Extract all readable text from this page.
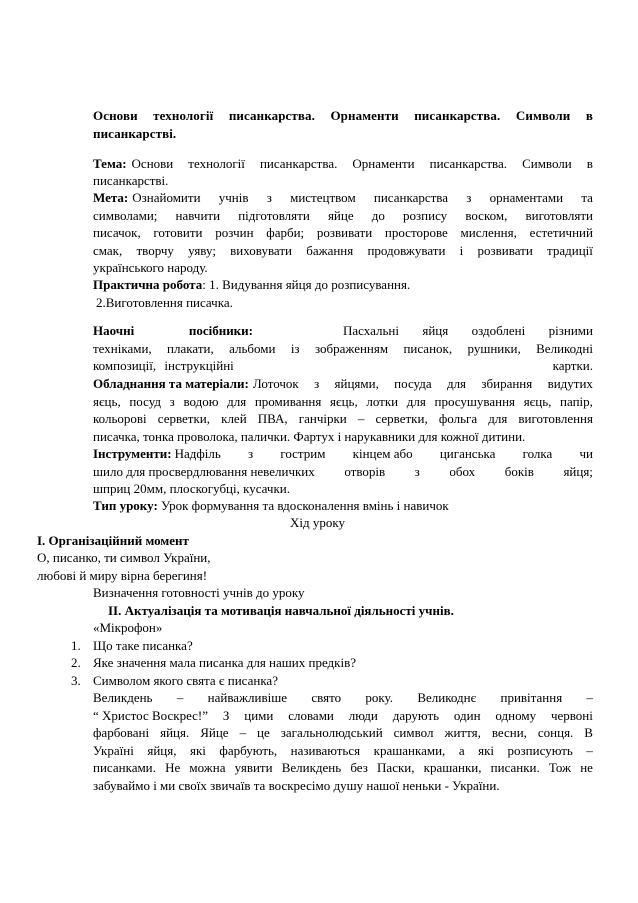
Основи технології писанкарства. Орнаменти писанкарства. Символи в
писанкарстві.
Тема: Основи технології писанкарства. Орнаменти писанкарства. Символи в
писанкарстві.
Мета: Ознайомити учнів з мистецтвом писанкарства з орнаментами та
символами; навчити підготовляти яйце до розпису воском, виготовляти
писачок, готовити розчин фарби; розвивати просторове мислення, естетичний
смак, творчу уяву; виховувати бажання продовжувати і розвивати традиції
українського народу.
Практична робота: 1. Видування яйця до розписування.
2.Виготовлення писачка.
Наочні	посібники:	Пасхальні яйця оздоблені різними
техніками, плакати, альбоми із зображенням писанок, рушники, Великодні
композиції, інструкційні	картки.
Обладнання та матеріали: Лоточок з яйцями, посуда для збирання видутих
яєць, посуд з водою для промивання яєць, лотки для просушування яєць, папір,
кольорові серветки, клей ПВА, ганчірки – серветки, фольга для виготовлення
писачка, тонка проволока, палички. Фартух і нарукавники для кожної дитини.
Інструменти: Надфіль з гострим кінцем або циганська голка чи
шило для просвердлювання невеличких отворів з обох боків яйця;
шприц 20мм, плоскогубці, кусачки.
Тип уроку: Урок формування та вдосконалення вмінь і навичок
Хід уроку
І. Організаційний момент
О, писанко, ти символ України,
любові й миру вірна берегиня!
Визначення готовності учнів до уроку
ІІ. Актуалізація та мотивація навчальної діяльності учнів.
«Мікрофон»
1. Що таке писанка?
2. Яке значення мала писанка для наших предків?
3. Символом якого свята є писанка?
Великдень – найважливіше свято року. Великоднє привітання –
“ Христос Воскрес!” З цими словами люди дарують один одному червоні
фарбовані яйця. Яйце – це загальнолюдський символ життя, весни, сонця. В
Україні яйця, які фарбують, називаються крашанками, а які розписують –
писанками. Не можна уявити Великдень без Паски, крашанки, писанки. Тож не
забуваймо і ми своїх звичаїв та воскресімо душу нашої неньки - України.
